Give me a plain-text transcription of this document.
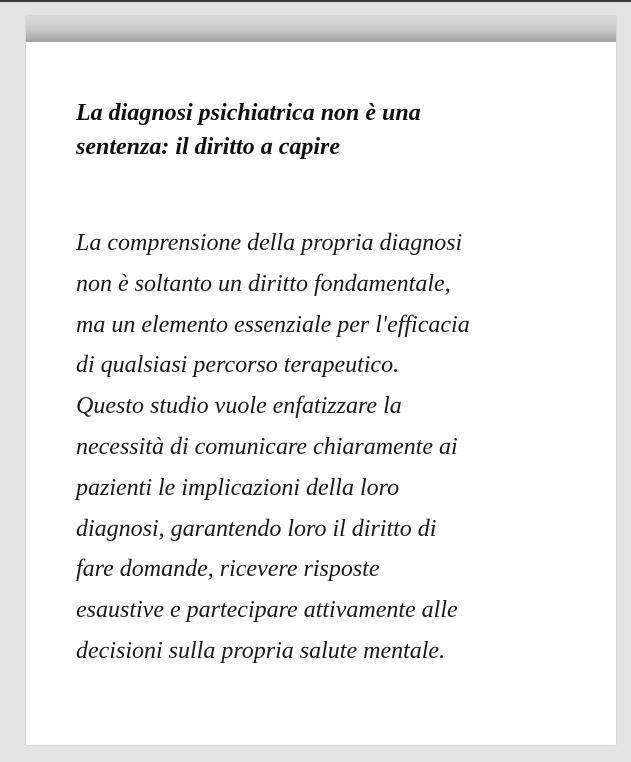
La diagnosi psichiatrica non è una
sentenza: il diritto a capire
La comprensione della propria diagnosi
non è soltanto un diritto fondamentale,
ma un elemento essenziale per l'efficacia
di qualsiasi percorso terapeutico.
Questo studio vuole enfatizzare la
necessità di comunicare chiaramente ai
pazienti le implicazioni della loro
diagnosi, garantendo loro il diritto di
fare domande, ricevere risposte
esaustive e partecipare attivamente alle
decisioni sulla propria salute mentale.
